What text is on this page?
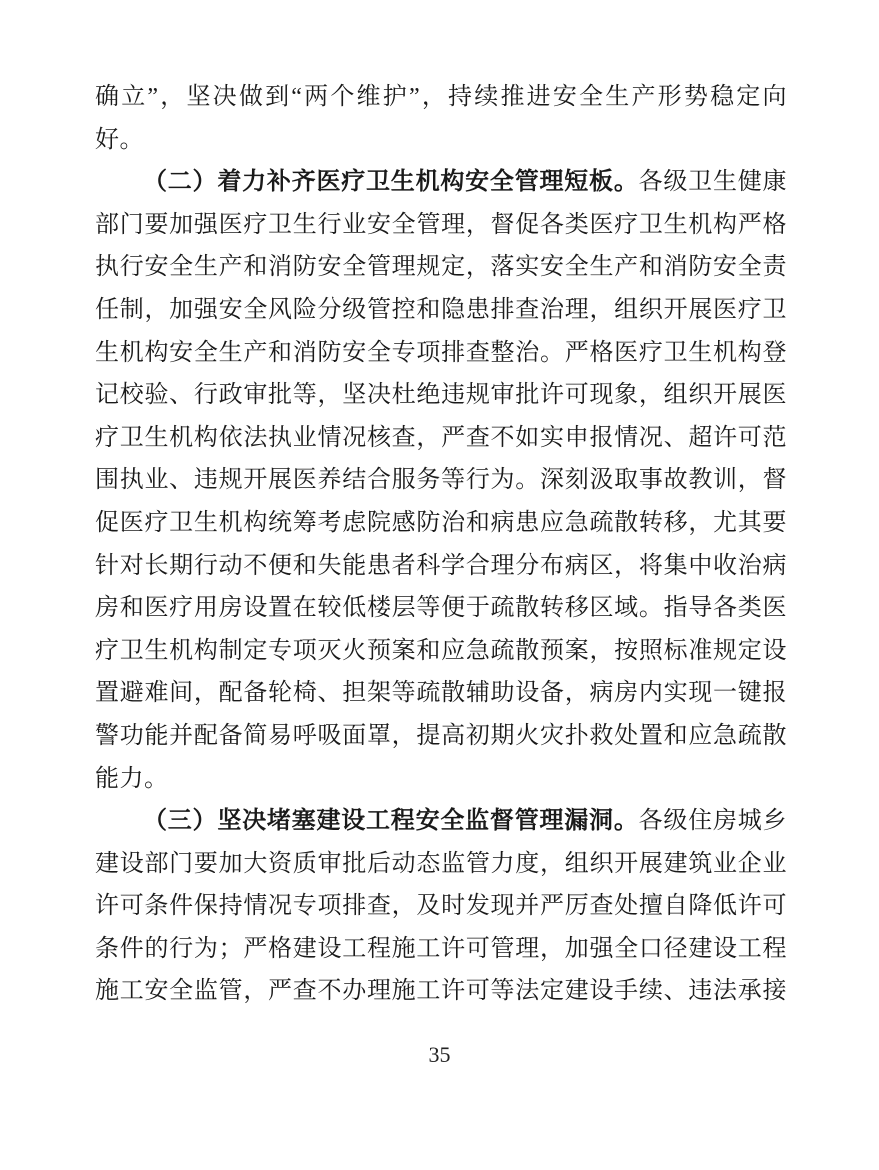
确立”，坚决做到“两个维护”，持续推进安全生产形势稳定向
好。
（二）着力补齐医疗卫生机构安全管理短板。各级卫生健康
部门要加强医疗卫生行业安全管理，督促各类医疗卫生机构严格
执行安全生产和消防安全管理规定，落实安全生产和消防安全责
任制，加强安全风险分级管控和隐患排查治理，组织开展医疗卫
生机构安全生产和消防安全专项排查整治。严格医疗卫生机构登
记校验、行政审批等，坚决杜绝违规审批许可现象，组织开展医
疗卫生机构依法执业情况核查，严查不如实申报情况、超许可范
围执业、违规开展医养结合服务等行为。深刻汲取事故教训，督
促医疗卫生机构统筹考虑院感防治和病患应急疏散转移，尤其要
针对长期行动不便和失能患者科学合理分布病区，将集中收治病
房和医疗用房设置在较低楼层等便于疏散转移区域。指导各类医
疗卫生机构制定专项灭火预案和应急疏散预案，按照标准规定设
置避难间，配备轮椅、担架等疏散辅助设备，病房内实现一键报
警功能并配备简易呼吸面罩，提高初期火灾扑救处置和应急疏散
能力。
（三）坚决堵塞建设工程安全监督管理漏洞。各级住房城乡
建设部门要加大资质审批后动态监管力度，组织开展建筑业企业
许可条件保持情况专项排查，及时发现并严厉查处擅自降低许可
条件的行为；严格建设工程施工许可管理，加强全口径建设工程
施工安全监管，严查不办理施工许可等法定建设手续、违法承接
35
